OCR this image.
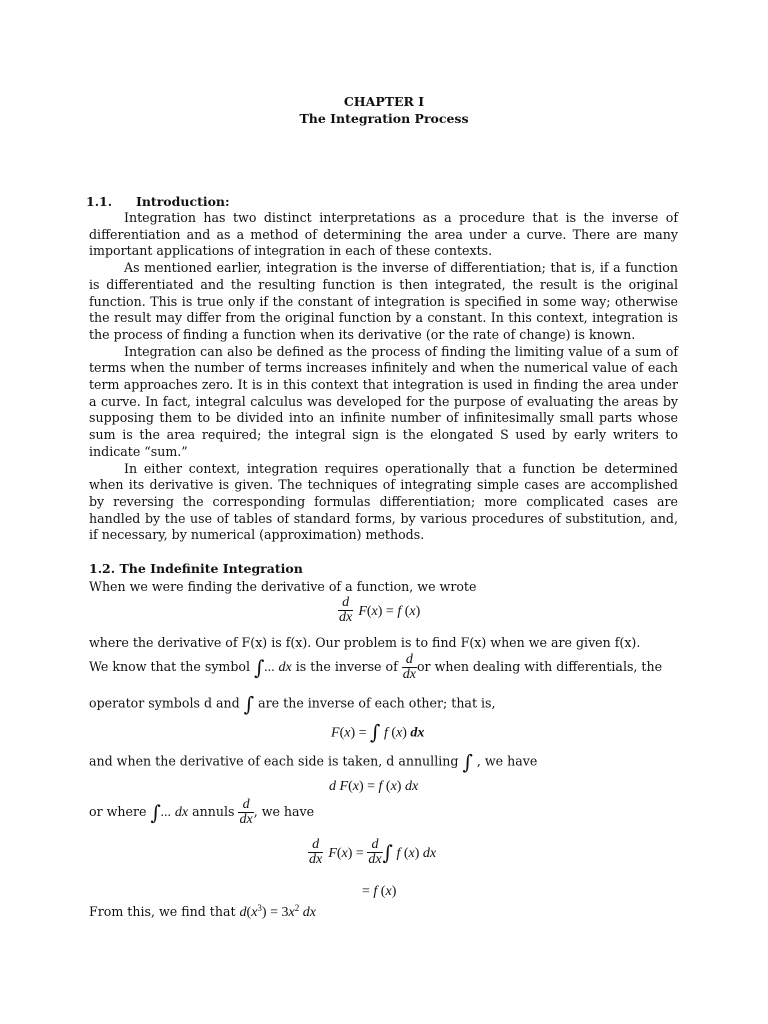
CHAPTER I
The Integration Process
1.1. Introduction:

Integration has two distinct interpretations as a procedure that is the inverse of differentiation and as a method of determining the area under a curve. There are many important applications of integration in each of these contexts.

As mentioned earlier, integration is the inverse of differentiation; that is, if a function is differentiated and the resulting function is then integrated, the result is the original function. This is true only if the constant of integration is specified in some way; otherwise the result may differ from the original function by a constant. In this context, integration is the process of finding a function when its derivative (or the rate of change) is known.

Integration can also be defined as the process of finding the limiting value of a sum of terms when the number of terms increases infinitely and when the numerical value of each term approaches zero. It is in this context that integration is used in finding the area under a curve. In fact, integral calculus was developed for the purpose of evaluating the areas by supposing them to be divided into an infinite number of infinitesimally small parts whose sum is the area required; the integral sign is the elongated S used by early writers to indicate “sum.”

In either context, integration requires operationally that a function be determined when its derivative is given. The techniques of integrating simple cases are accomplished by reversing the corresponding formulas differentiation; more complicated cases are handled by the use of tables of standard forms, by various procedures of substitution, and, if necessary, by numerical (approximation) methods.

1.2. The Indefinite Integration
When we were finding the derivative of a function, we wrote
$\frac{d}{dx} F(x) = f$ (x)
where the derivative of F(x) is f(x). Our problem is to find F(x) when we are given f(x).
We know that the symbol ∫... dx is the inverse of $\frac{d}{dx}$ or when dealing with differentials, the
operator symbols d and ∫ are the inverse of each other; that is,
F(x) = ∫ f (x) dx
and when the derivative of each side is taken, d annulling ∫ , we have
d F(x) = f (x) dx
or where ∫... dx annuls $\frac{d}{dx}$ , we have
$\frac{d}{dx} F(x) = \frac{d}{dx}$ ∫ f (x) dx
= f (x)
From this, we find that $d(x^3) = 3x^2$ dx
